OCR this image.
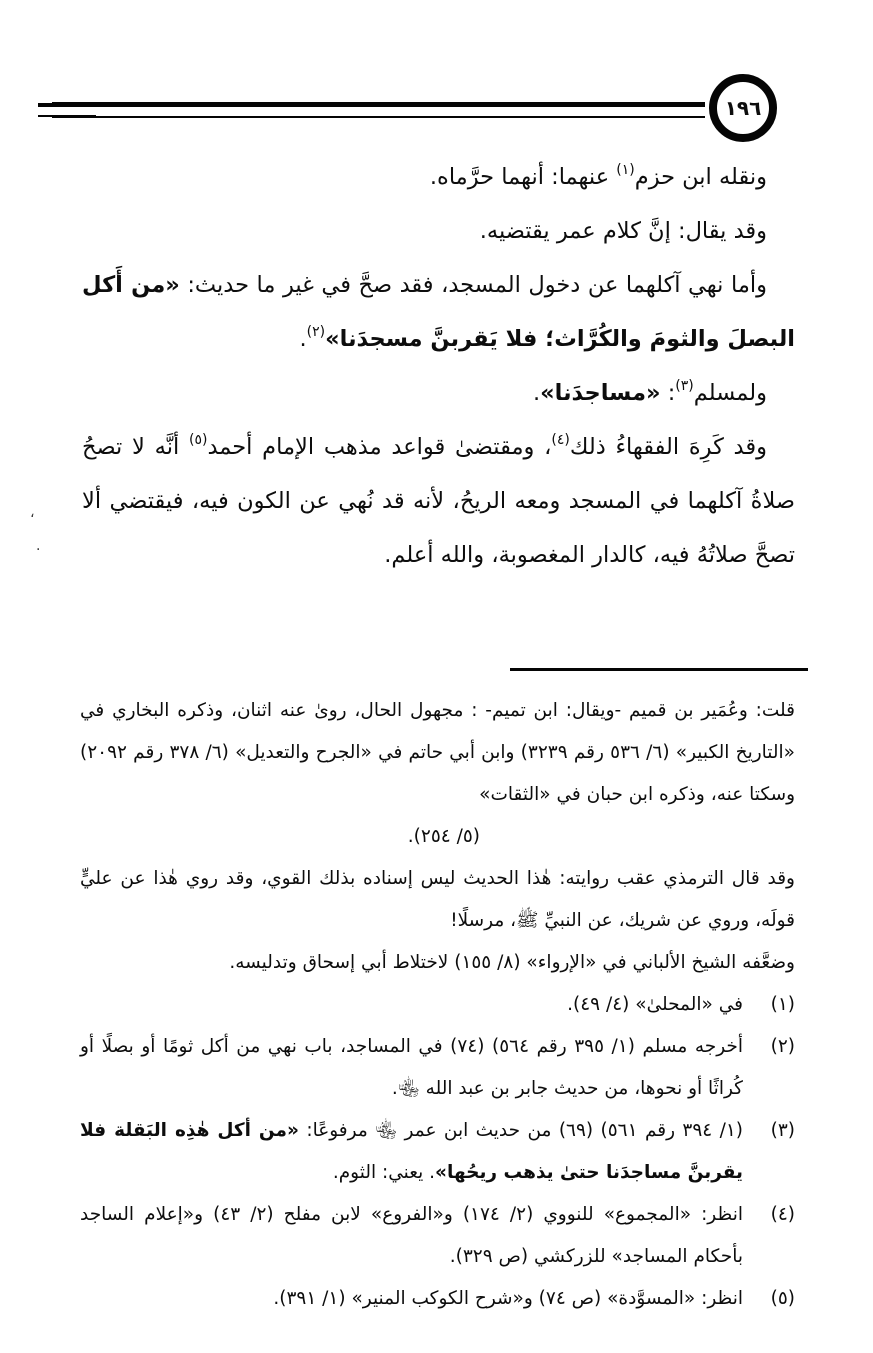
١٩٦

ونقله ابن حزم$^{(١)}$ عنهما: أنهما حرَّماه.

وقد يقال: إنَّ كلام عمر يقتضيه.

وأما نهي آكلهما عن دخول المسجد، فقد صحَّ في غير ما حديث: «من أَكل البصلَ والثومَ والكُرَّاث؛ فلا يَقربنَّ مسجدَنا»$^{(٢)}$.

ولمسلم$^{(٣)}$: «مساجدَنا».

وقد كَرِهَ الفقهاءُ ذلك$^{(٤)}$، ومقتضىٰ قواعد مذهب الإمام أحمد$^{(٥)}$ أنَّه لا تصحُ صلاةُ آكلهما في المسجد ومعه الريحُ، لأنه قد نُهي عن الكون فيه، فيقتضي ألا تصحَّ صلاتُهُ فيه، كالدار المغصوبة، والله أعلم.

،
.

قلت: وعُمَير بن قميم -ويقال: ابن تميم- : مجهول الحال، روىٰ عنه اثنان، وذكره البخاري في «التاريخ الكبير» (٦/ ٥٣٦ رقم ٣٢٣٩) وابن أبي حاتم في «الجرح والتعديل» (٦/ ٣٧٨ رقم ٢٠٩٢) وسكتا عنه، وذكره ابن حبان في «الثقات»

(٥/ ٢٥٤).

وقد قال الترمذي عقب روايته: هٰذا الحديث ليس إسناده بذلك القوي، وقد روي هٰذا عن عليٍّ قولَه، وروي عن شريك، عن النبيِّ ﷺ، مرسلًا!

وضعَّفه الشيخ الألباني في «الإرواء» (٨/ ١٥٥) لاختلاط أبي إسحاق وتدليسه.

(١)
في «المحلىٰ» (٤/ ٤٩).
(٢)
أخرجه مسلم (١/ ٣٩٥ رقم ٥٦٤) (٧٤) في المساجد، باب نهي من أكل ثومًا أو بصلًا أو كُراثًا أو نحوها، من حديث جابر بن عبد الله ﵄.
(٣)
(١/ ٣٩٤ رقم ٥٦١) (٦٩) من حديث ابن عمر ﵄ مرفوعًا: «من أكل هٰذِه البَقلة فلا يقربنَّ مساجدَنا حتىٰ يذهب ريحُها». يعني: الثوم.
(٤)
انظر: «المجموع» للنووي (٢/ ١٧٤) و«الفروع» لابن مفلح (٢/ ٤٣) و«إعلام الساجد بأحكام المساجد» للزركشي (ص ٣٢٩).
(٥)
انظر: «المسوَّدة» (ص ٧٤) و«شرح الكوكب المنير» (١/ ٣٩١).
